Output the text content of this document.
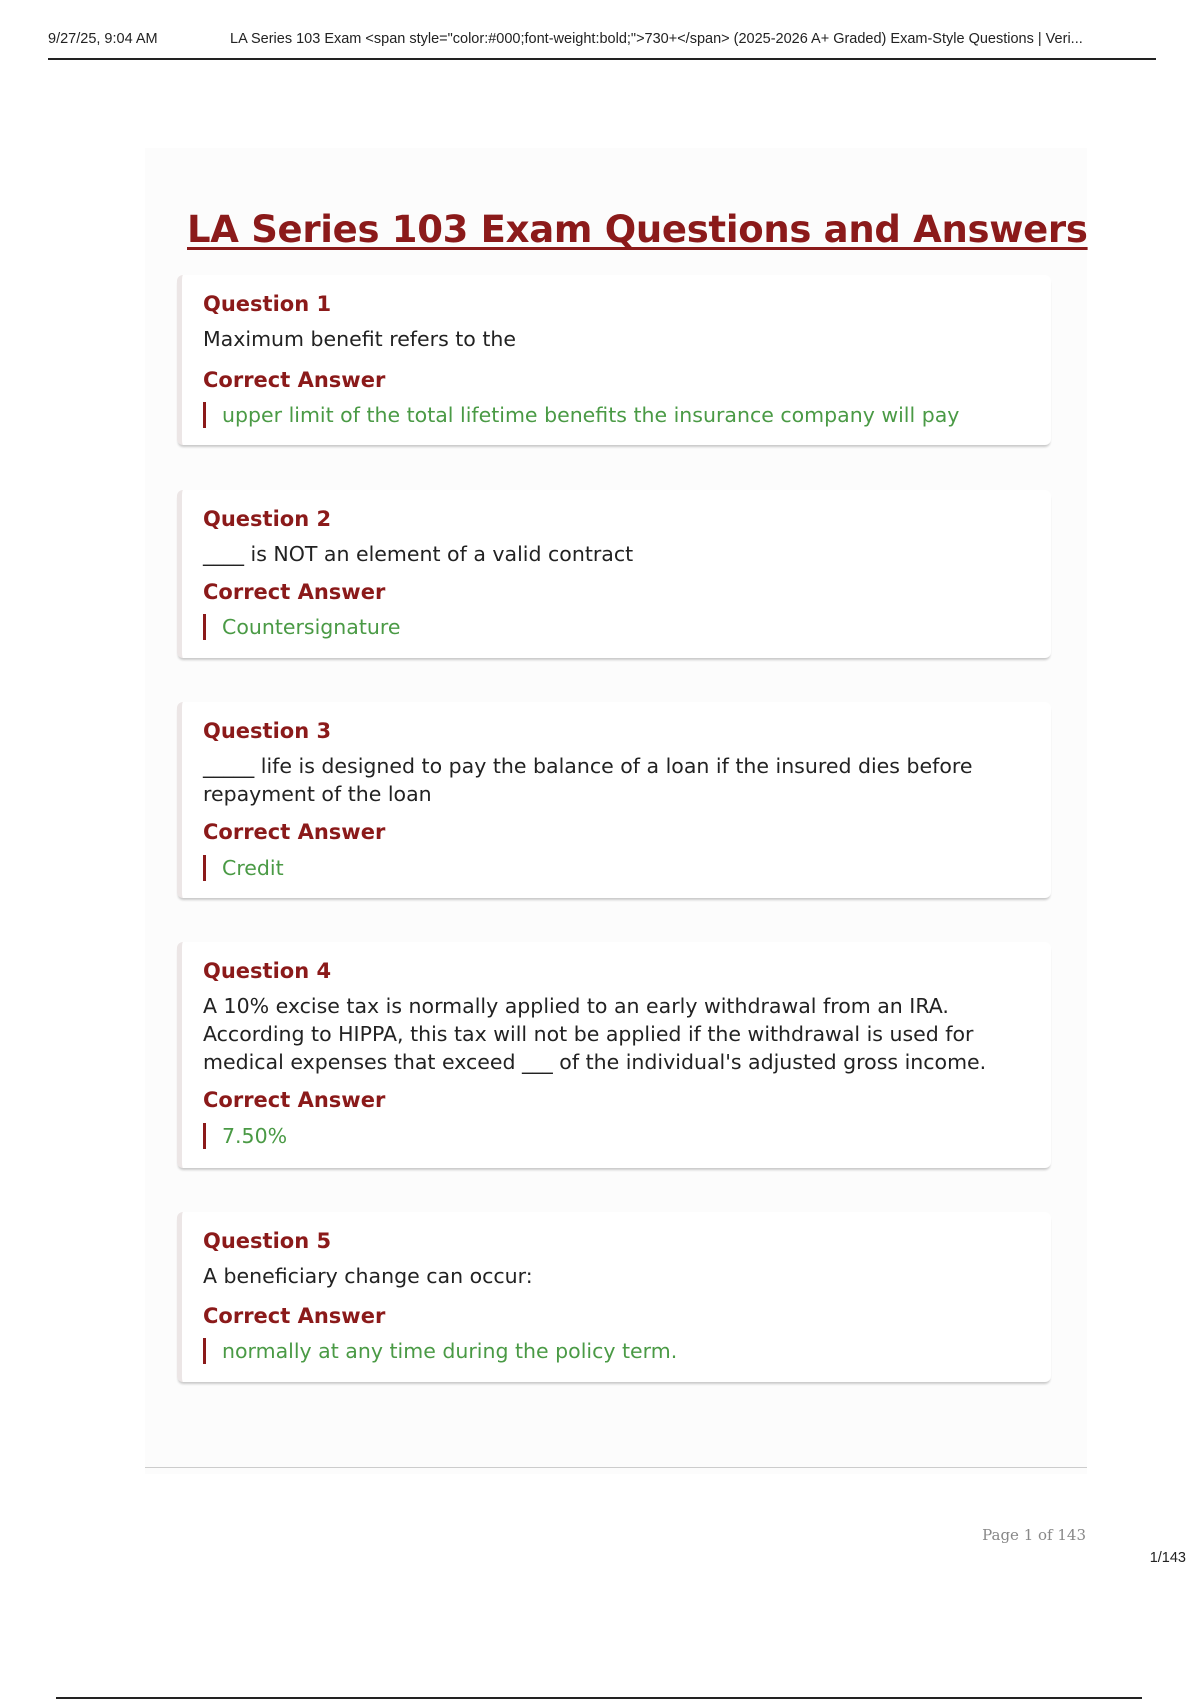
9/27/25, 9:04 AM	LA Series 103 Exam <span style="color:#000;font-weight:bold;">730+</span> (2025-2026 A+ Graded) Exam-Style Questions | Veri...
LA Series 103 Exam Questions and Answers
Question 1
Maximum benefit refers to the
Correct Answer
upper limit of the total lifetime benefits the insurance company will pay
Question 2
____ is NOT an element of a valid contract
Correct Answer
Countersignature
Question 3
_____ life is designed to pay the balance of a loan if the insured dies before repayment of the loan
Correct Answer
Credit
Question 4
A 10% excise tax is normally applied to an early withdrawal from an IRA. According to HIPPA, this tax will not be applied if the withdrawal is used for medical expenses that exceed ___ of the individual's adjusted gross income.
Correct Answer
7.50%
Question 5
A beneficiary change can occur:
Correct Answer
normally at any time during the policy term.
Page 1 of 143
1/143
